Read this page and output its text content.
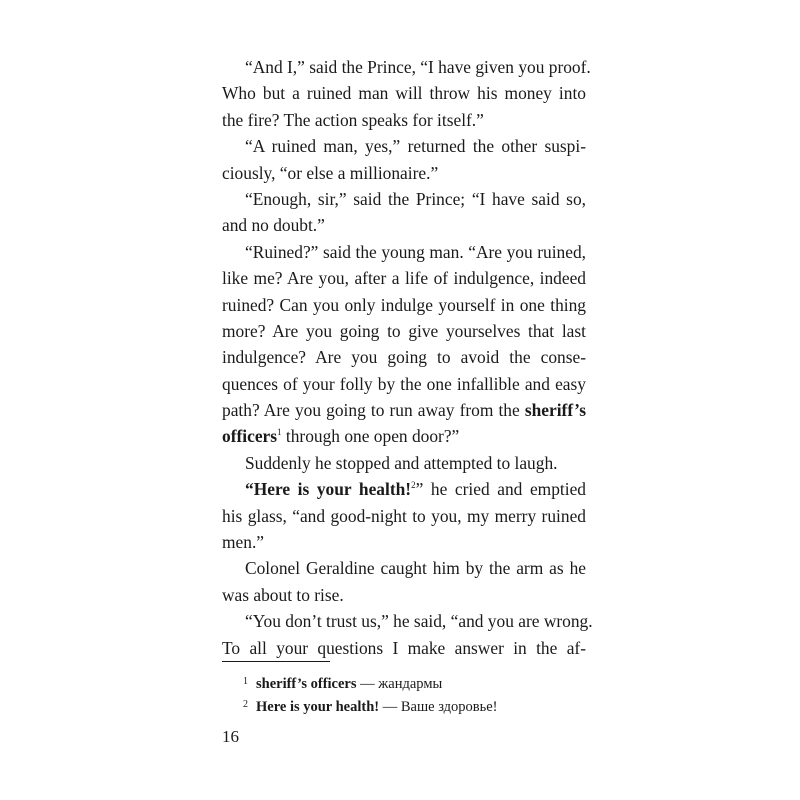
“And I,” said the Prince, “I have given you proof.
Who but a ruined man will throw his money into
the fire? The action speaks for itself.”
“A ruined man, yes,” returned the other suspi-
ciously, “or else a millionaire.”
“Enough, sir,” said the Prince; “I have said so,
and no doubt.”
“Ruined?” said the young man. “Are you ruined,
like me? Are you, after a life of indulgence, indeed
ruined? Can you only indulge yourself in one thing
more? Are you going to give yourselves that last
indulgence? Are you going to avoid the conse-
quences of your folly by the one infallible and easy
path? Are you going to run away from the sheriff’s
officers$^1$ through one open door?”
Suddenly he stopped and attempted to laugh.
“Here is your health!$^2$” he cried and emptied
his glass, “and good-night to you, my merry ruined
men.”
Colonel Geraldine caught him by the arm as he
was about to rise.
“You don’t trust us,” he said, “and you are wrong.
To all your questions I make answer in the af-
$^1$ sheriff’s officers — жандармы
$^2$ Here is your health! — Ваше здоровье!
16
